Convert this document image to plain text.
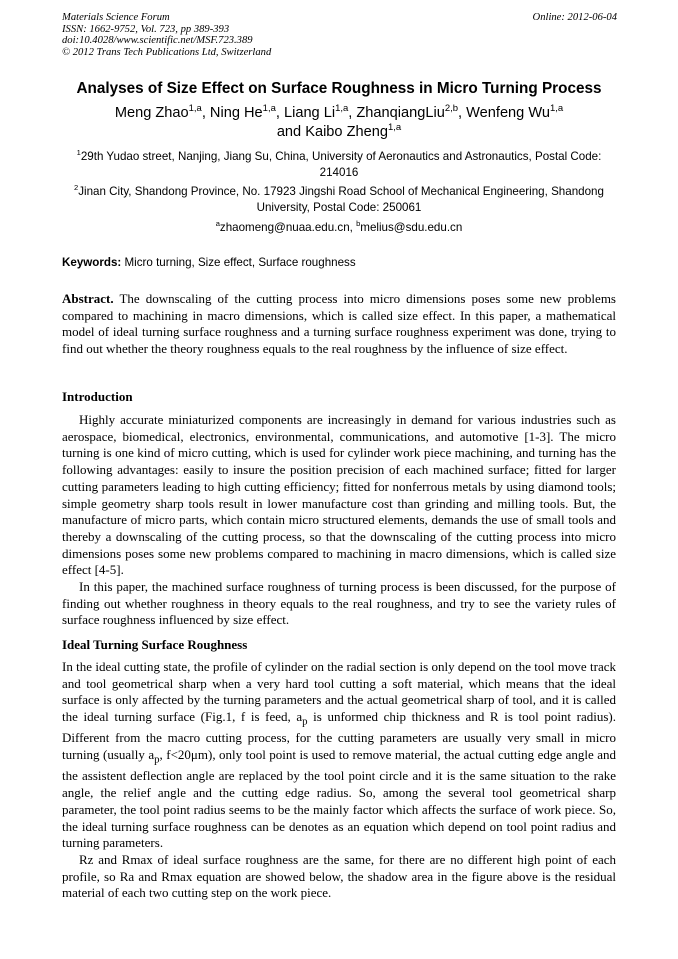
Materials Science Forum
ISSN: 1662-9752, Vol. 723, pp 389-393
doi:10.4028/www.scientific.net/MSF.723.389
© 2012 Trans Tech Publications Ltd, Switzerland
Online: 2012-06-04
Analyses of Size Effect on Surface Roughness in Micro Turning Process
Meng Zhao$^{1,a}$, Ning He$^{1,a}$, Liang Li$^{1,a}$, ZhanqiangLiu$^{2,b}$, Wenfeng Wu$^{1,a}$
and Kaibo Zheng$^{1,a}$
$^1$29th Yudao street, Nanjing, Jiang Su, China, University of Aeronautics and Astronautics, Postal Code: 214016
$^2$Jinan City, Shandong Province, No. 17923 Jingshi Road School of Mechanical Engineering, Shandong University, Postal Code: 250061
$^a$zhaomeng@nuaa.edu.cn, $^b$melius@sdu.edu.cn
Keywords: Micro turning, Size effect, Surface roughness

Abstract. The downscaling of the cutting process into micro dimensions poses some new problems compared to machining in macro dimensions, which is called size effect. In this paper, a mathematical model of ideal turning surface roughness and a turning surface roughness experiment was done, trying to find out whether the theory roughness equals to the real roughness by the influence of size effect.

Introduction

Highly accurate miniaturized components are increasingly in demand for various industries such as aerospace, biomedical, electronics, environmental, communications, and automotive [1-3]. The micro turning is one kind of micro cutting, which is used for cylinder work piece machining, and turning has the following advantages: easily to insure the position precision of each machined surface; fitted for larger cutting parameters leading to high cutting efficiency; fitted for nonferrous metals by using diamond tools; simple geometry sharp tools result in lower manufacture cost than grinding and milling tools. But, the manufacture of micro parts, which contain micro structured elements, demands the use of small tools and thereby a downscaling of the cutting process, so that the downscaling of the cutting process into micro dimensions poses some new problems compared to machining in macro dimensions, which is called size effect [4-5].

In this paper, the machined surface roughness of turning process is been discussed, for the purpose of finding out whether roughness in theory equals to the real roughness, and try to see the variety rules of surface roughness influenced by size effect.

Ideal Turning Surface Roughness

In the ideal cutting state, the profile of cylinder on the radial section is only depend on the tool move track and tool geometrical sharp when a very hard tool cutting a soft material, which means that the ideal surface is only affected by the turning parameters and the actual geometrical sharp of tool, and it is called the ideal turning surface (Fig.1, f is feed, $a_p$ is unformed chip thickness and R is tool point radius). Different from the macro cutting process, for the cutting parameters are usually very small in micro turning (usually $a_p$, f<20μm), only tool point is used to remove material, the actual cutting edge angle and the assistent deflection angle are replaced by the tool point circle and it is the same situation to the rake angle, the relief angle and the cutting edge radius. So, among the several tool geometrical sharp parameter, the tool point radius seems to be the mainly factor which affects the surface of work piece. So, the ideal turning surface roughness can be denotes as an equation which depend on tool point radius and turning parameters.

Rz and Rmax of ideal surface roughness are the same, for there are no different high point of each profile, so Ra and Rmax equation are showed below, the shadow area in the figure above is the residual material of each two cutting step on the work piece.
